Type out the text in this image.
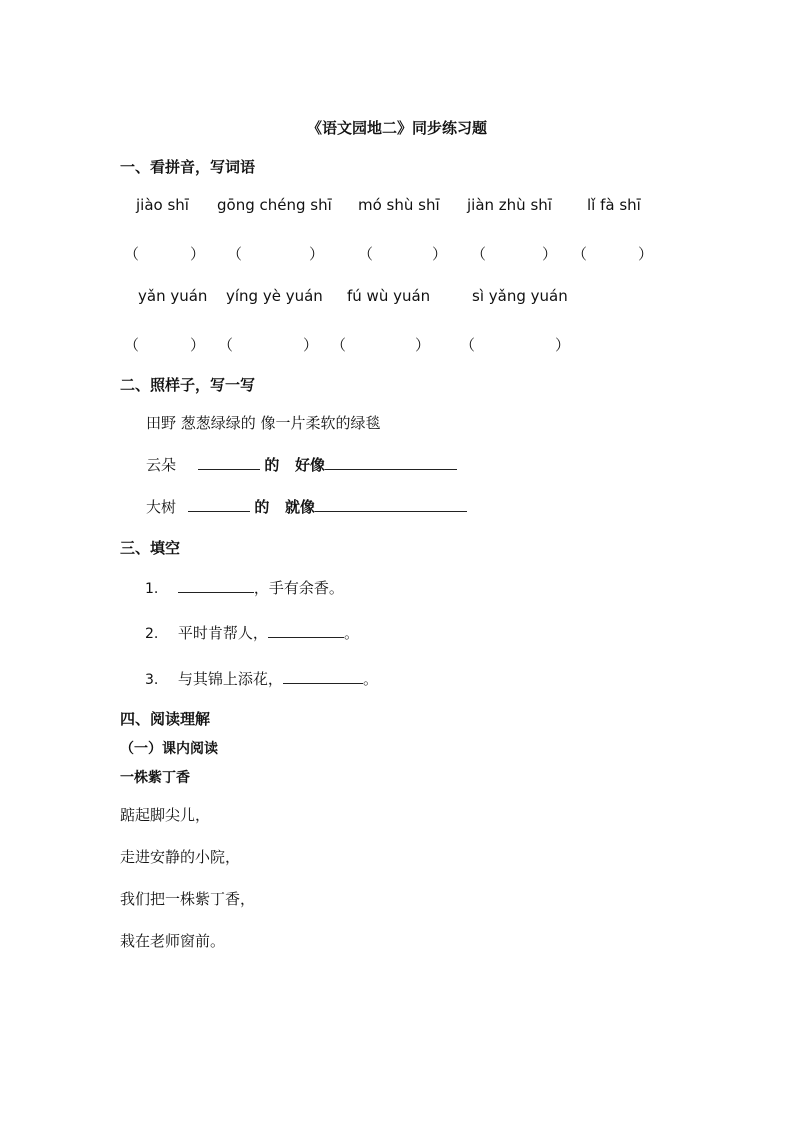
《语文园地二》同步练习题
一、看拼音，写词语
jiào shī gōng chéng shī mó shù shī jiàn zhù shī lǐ fà shī
（	） （	） （	） （	） （	）
yǎn yuán yíng yè yuán fú wù yuán	sì yǎng yuán
（	） （	） （	） （	）
二、照样子，写一写
田野 葱葱绿绿的 像一片柔软的绿毯
云朵	的 好像
大树	的 就像
三、填空
1.	，手有余香。
2. 平时肯帮人，	。
3. 与其锦上添花，	。
四、阅读理解
（一）课内阅读
一株紫丁香
踮起脚尖儿，
走进安静的小院，
我们把一株紫丁香，
栽在老师窗前。
